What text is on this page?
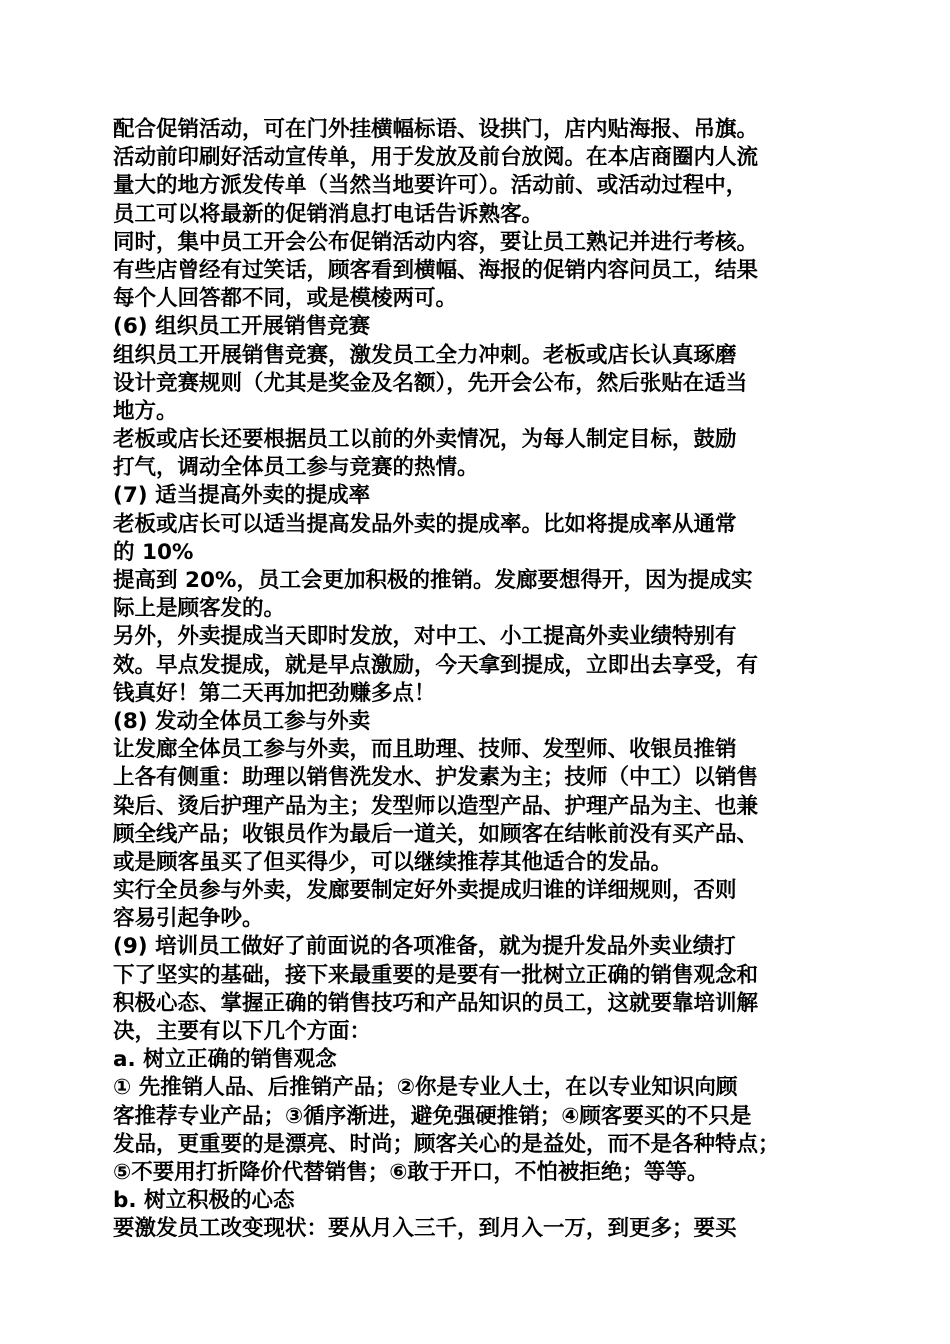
配合促销活动，可在门外挂横幅标语、设拱门，店内贴海报、吊旗。
活动前印刷好活动宣传单，用于发放及前台放阅。在本店商圈内人流
量大的地方派发传单（当然当地要许可）。活动前、或活动过程中，
员工可以将最新的促销消息打电话告诉熟客。
同时，集中员工开会公布促销活动内容，要让员工熟记并进行考核。
有些店曾经有过笑话，顾客看到横幅、海报的促销内容问员工，结果
每个人回答都不同，或是模棱两可。
(6) 组织员工开展销售竞赛
组织员工开展销售竞赛，激发员工全力冲刺。老板或店长认真琢磨
设计竞赛规则（尤其是奖金及名额），先开会公布，然后张贴在适当
地方。
老板或店长还要根据员工以前的外卖情况，为每人制定目标，鼓励
打气，调动全体员工参与竞赛的热情。
(7) 适当提高外卖的提成率
老板或店长可以适当提高发品外卖的提成率。比如将提成率从通常
的 10%
提高到 20%，员工会更加积极的推销。发廊要想得开，因为提成实
际上是顾客发的。
另外，外卖提成当天即时发放，对中工、小工提高外卖业绩特别有
效。早点发提成，就是早点激励，今天拿到提成，立即出去享受，有
钱真好！第二天再加把劲赚多点！
(8) 发动全体员工参与外卖
让发廊全体员工参与外卖，而且助理、技师、发型师、收银员推销
上各有侧重：助理以销售洗发水、护发素为主；技师（中工）以销售
染后、烫后护理产品为主；发型师以造型产品、护理产品为主、也兼
顾全线产品；收银员作为最后一道关，如顾客在结帐前没有买产品、
或是顾客虽买了但买得少，可以继续推荐其他适合的发品。
实行全员参与外卖，发廊要制定好外卖提成归谁的详细规则，否则
容易引起争吵。
(9) 培训员工做好了前面说的各项准备，就为提升发品外卖业绩打
下了坚实的基础，接下来最重要的是要有一批树立正确的销售观念和
积极心态、掌握正确的销售技巧和产品知识的员工，这就要靠培训解
决，主要有以下几个方面：
a. 树立正确的销售观念
① 先推销人品、后推销产品；②你是专业人士，在以专业知识向顾
客推荐专业产品；③循序渐进，避免强硬推销；④顾客要买的不只是
发品，更重要的是漂亮、时尚；顾客关心的是益处，而不是各种特点；
⑤不要用打折降价代替销售；⑥敢于开口，不怕被拒绝；等等。
b. 树立积极的心态
要激发员工改变现状：要从月入三千，到月入一万，到更多；要买
